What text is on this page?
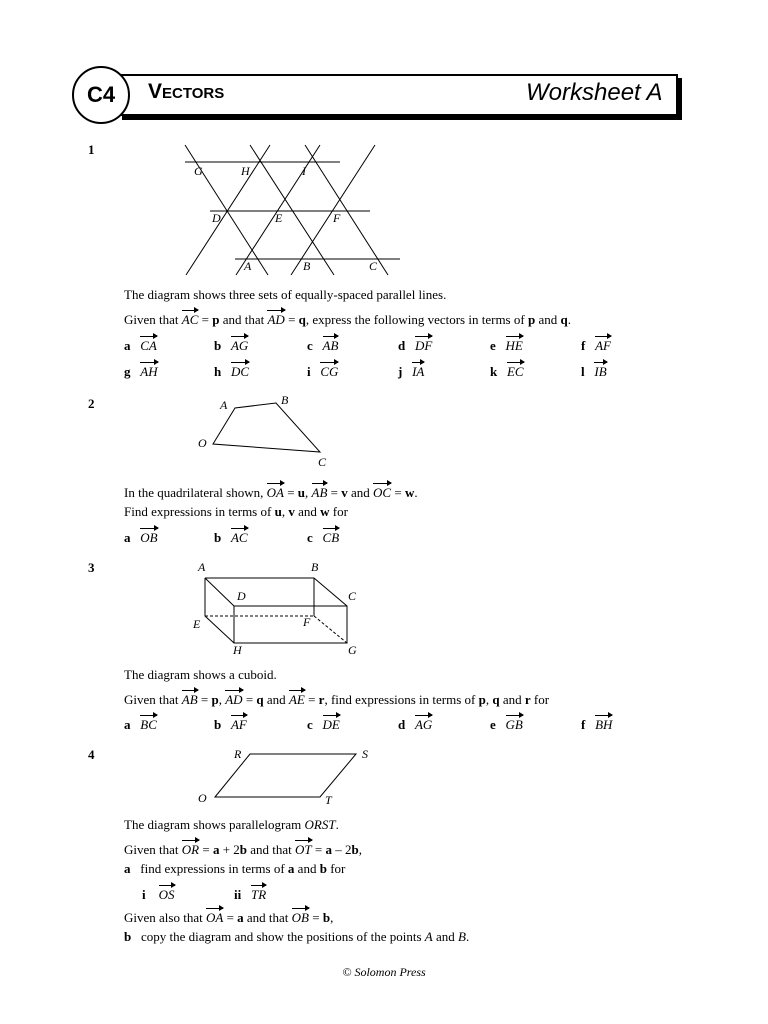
C4 Vectors	Worksheet A
1
G	H	I
D	E	F
A	B	C
The diagram shows three sets of equally-spaced parallel lines.
Given that AC = p and that AD = q, express the following vectors in terms of p and q.
a CA	b AG	c AB	d DF	e HE	f AF
g AH	h DC	i CG	j IA	k EC	l IB
2	A	B
O
C
In the quadrilateral shown, OA = u, AB = v and OC = w.
Find expressions in terms of u, v and w for
a OB	b AC	c CB
3	A	B
D	C
E	F
H	G
The diagram shows a cuboid.
Given that AB = p, AD = q and AE = r, find expressions in terms of p, q and r for
a BC	b AF	c DE	d AG	e GB	f BH
4	R	S
O	T
The diagram shows parallelogram ORST.
Given that OR = a + 2b and that OT = a – 2b,
a find expressions in terms of a and b for
i OS	ii TR
Given also that OA = a and that OB = b,
b copy the diagram and show the positions of the points A and B.
© Solomon Press
